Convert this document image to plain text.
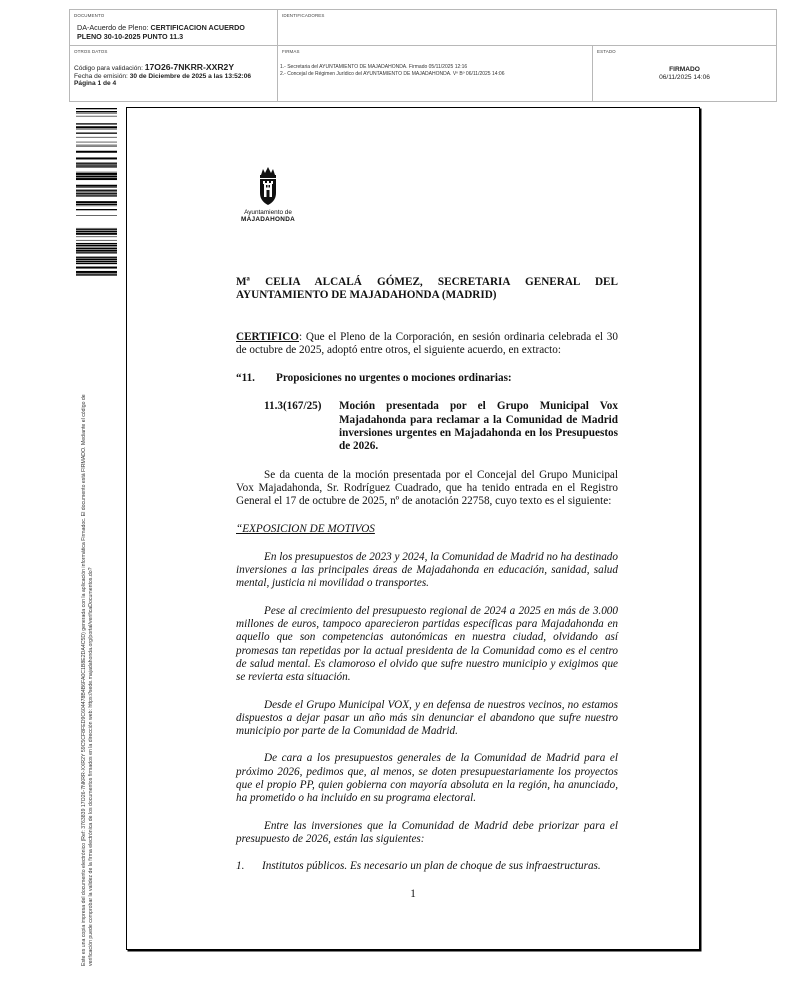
DOCUMENTO
DA-Acuerdo de Pleno: CERTIFICACION ACUERDO
PLENO 30-10-2025 PUNTO 11.3
IDENTIFICADORES
OTROS DATOS
Código para validación: 17O26-7NKRR-XXR2Y
Fecha de emisión: 30 de Diciembre de 2025 a las 13:52:06
Página 1 de 4
FIRMAS
1.- Secretaria del AYUNTAMIENTO DE MAJADAHONDA. Firmado 05/11/2025 12:16
2.- Concejal de Régimen Jurídico del AYUNTAMIENTO DE MAJADAHONDA. Vº Bº 06/11/2025 14:06
ESTADO
FIRMADO
06/11/2025 14:06
Este es una copia impresa del documento electrónico (Ref: 3763839 17O26-7NKRR-XXR2Y 59C5CF8FED9C604478B4B6FA0C1B8E2DA4C5D) generada con la aplicación informática Firmadoc. El documento está FIRMADO. Mediante el código de verificación puede comprobar la validez de la firma electrónica de los documentos firmados en la dirección web: https://sede.majadahonda.org/portal/verificaDocumentos.do?
Ayuntamiento de
MAJADAHONDA

Mª CELIA ALCALÁ GÓMEZ, SECRETARIA GENERAL DEL AYUNTAMIENTO DE MAJADAHONDA (MADRID)

CERTIFICO: Que el Pleno de la Corporación, en sesión ordinaria celebrada el 30 de octubre de 2025, adoptó entre otros, el siguiente acuerdo, en extracto:

“11.	Proposiciones no urgentes o mociones ordinarias:
11.3(167/25)	Moción presentada por el Grupo Municipal Vox Majadahonda para reclamar a la Comunidad de Madrid inversiones urgentes en Majadahonda en los Presupuestos de 2026.

Se da cuenta de la moción presentada por el Concejal del Grupo Municipal Vox Majadahonda, Sr. Rodríguez Cuadrado, que ha tenido entrada en el Registro General el 17 de octubre de 2025, nº de anotación 22758, cuyo texto es el siguiente:

“EXPOSICION DE MOTIVOS

En los presupuestos de 2023 y 2024, la Comunidad de Madrid no ha destinado inversiones a las principales áreas de Majadahonda en educación, sanidad, salud mental, justicia ni movilidad o transportes.

Pese al crecimiento del presupuesto regional de 2024 a 2025 en más de 3.000 millones de euros, tampoco aparecieron partidas específicas para Majadahonda en aquello que son competencias autonómicas en nuestra ciudad, olvidando así promesas tan repetidas por la actual presidenta de la Comunidad como es el centro de salud mental. Es clamoroso el olvido que sufre nuestro municipio y exigimos que se revierta esta situación.

Desde el Grupo Municipal VOX, y en defensa de nuestros vecinos, no estamos dispuestos a dejar pasar un año más sin denunciar el abandono que sufre nuestro municipio por parte de la Comunidad de Madrid.

De cara a los presupuestos generales de la Comunidad de Madrid para el próximo 2026, pedimos que, al menos, se doten presupuestariamente los proyectos que el propio PP, quien gobierna con mayoría absoluta en la región, ha anunciado, ha prometido o ha incluido en su programa electoral.

Entre las inversiones que la Comunidad de Madrid debe priorizar para el presupuesto de 2026, están las siguientes:

1.	Institutos públicos. Es necesario un plan de choque de sus infraestructuras.
1
